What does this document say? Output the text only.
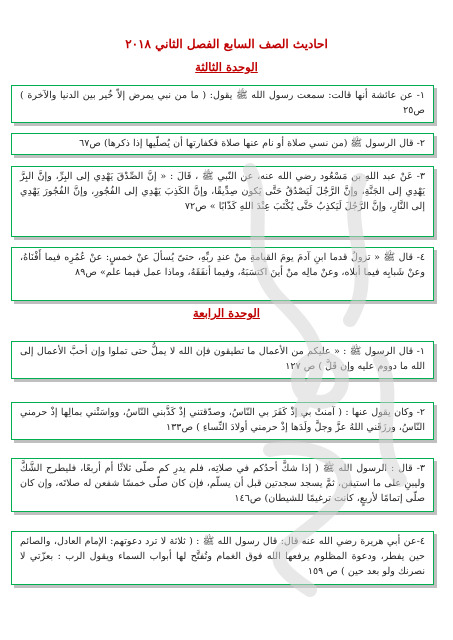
احاديث الصف السابع الفصل الثاني ٢٠١٨
الوحدة الثالثة
١- عن عائشة أنها قالت: سمعت رسول الله ﷺ يقول: ( ما من نبي يمرض إلاّ خُير بين الدنيا والآخرة ) ص٢٥
٢- قال الرسول ﷺ (من نسي صلاة أو نام عنها صلاة فكفارتها أن يُصلّيها إذا ذكرها) ص٦٧
٣- عَنْ عبد اللهِ بن مَسْعُود رضي الله عنه، عن النّبي ﷺ ، قَالَ : « إنَّ الصِّدْقَ يَهْدِي إلى البِرِّ، وإنَّ البِرَّ يَهْدِي إلى الجَنَّةِ، وإنَّ الرَّجُلَ لَيَصْدُقُ حَتَّى يَكون صِدِّيقًا، وإنَّ الكَذِبَ يَهْدِي إلى الفُجُورِ، وإنَّ الفُجُورَ يَهْدِي إلى النَّارِ، وإنَّ الرَّجُلَ لَيَكذِبُ حَتَّى يُكْتَبَ عِنْدَ اللهِ كَذّابًا » ص٧٢
٤- قال ﷺ « تزولُ قدما ابنِ آدمَ يومَ القيامةِ منْ عندِ ربِّهِ، حتىّ يُسألَ عنْ خمسٍ: عنْ عُمُرِه فيما أَفْنَاهُ، وعنْ شَبابِه فيما أبلاه، وعنْ مالِه منْ أينَ اكتسَبَهُ، وفيما أنفَقَهُ، وماذا عمل فيما علم» ص٨٩
الوحدة الرابعة
١- قال الرسول ﷺ : « عليكم من الأعمال ما تطيقون فإن الله لا يملُّ حتى تملوا وإن أحبَّ الأعمال إلى الله ما دووم عليه وإن قَلَّ ) ص ١٢٧
٢- وكان يقول عنها : ( آمنتْ بي إذْ كَفَرَ بي النّاسُ، وصدّقتني إذْ كَذَّبني النّاسُ، وواسَتْني بمالِها إذْ حرمني النّاسُ، ورزَقَني اللهُ عزَّ وجلَّ ولَدَها إذْ حرمني أولادَ النِّساءِ ) ص١٣٣
٣- قال : الرسول الله ﷺ ( إذا شكَّ أحدُكم في صلاتِه، فلم يدرِ كم صلّى ثلاثًا أم أربعًا، فليطرح الشَّكَّ وليبنِ على ما استيقن، ثمَّ يسجد سجدتين قبل أن يسلّم، فإن كان صلّى خمسًا شفعن له صلاتَه، وإن كان صلّى إتمامًا لأربعٍ، كانت ترغيمًا للشيطان) ص١٤٦
٤-عن أبي هريرة رضي الله عنه قال: قال رسول الله ﷺ : ( ثلاثة لا ترد دعوتهم: الإمام العادل، والصائم حين يفطر، ودعوة المظلوم يرفعها الله فوق الغمام وتُفتَّح لها أبواب السماء ويقول الرب : بعزّتي لا نصرنك ولو بعد حين ) ص ١٥٩
